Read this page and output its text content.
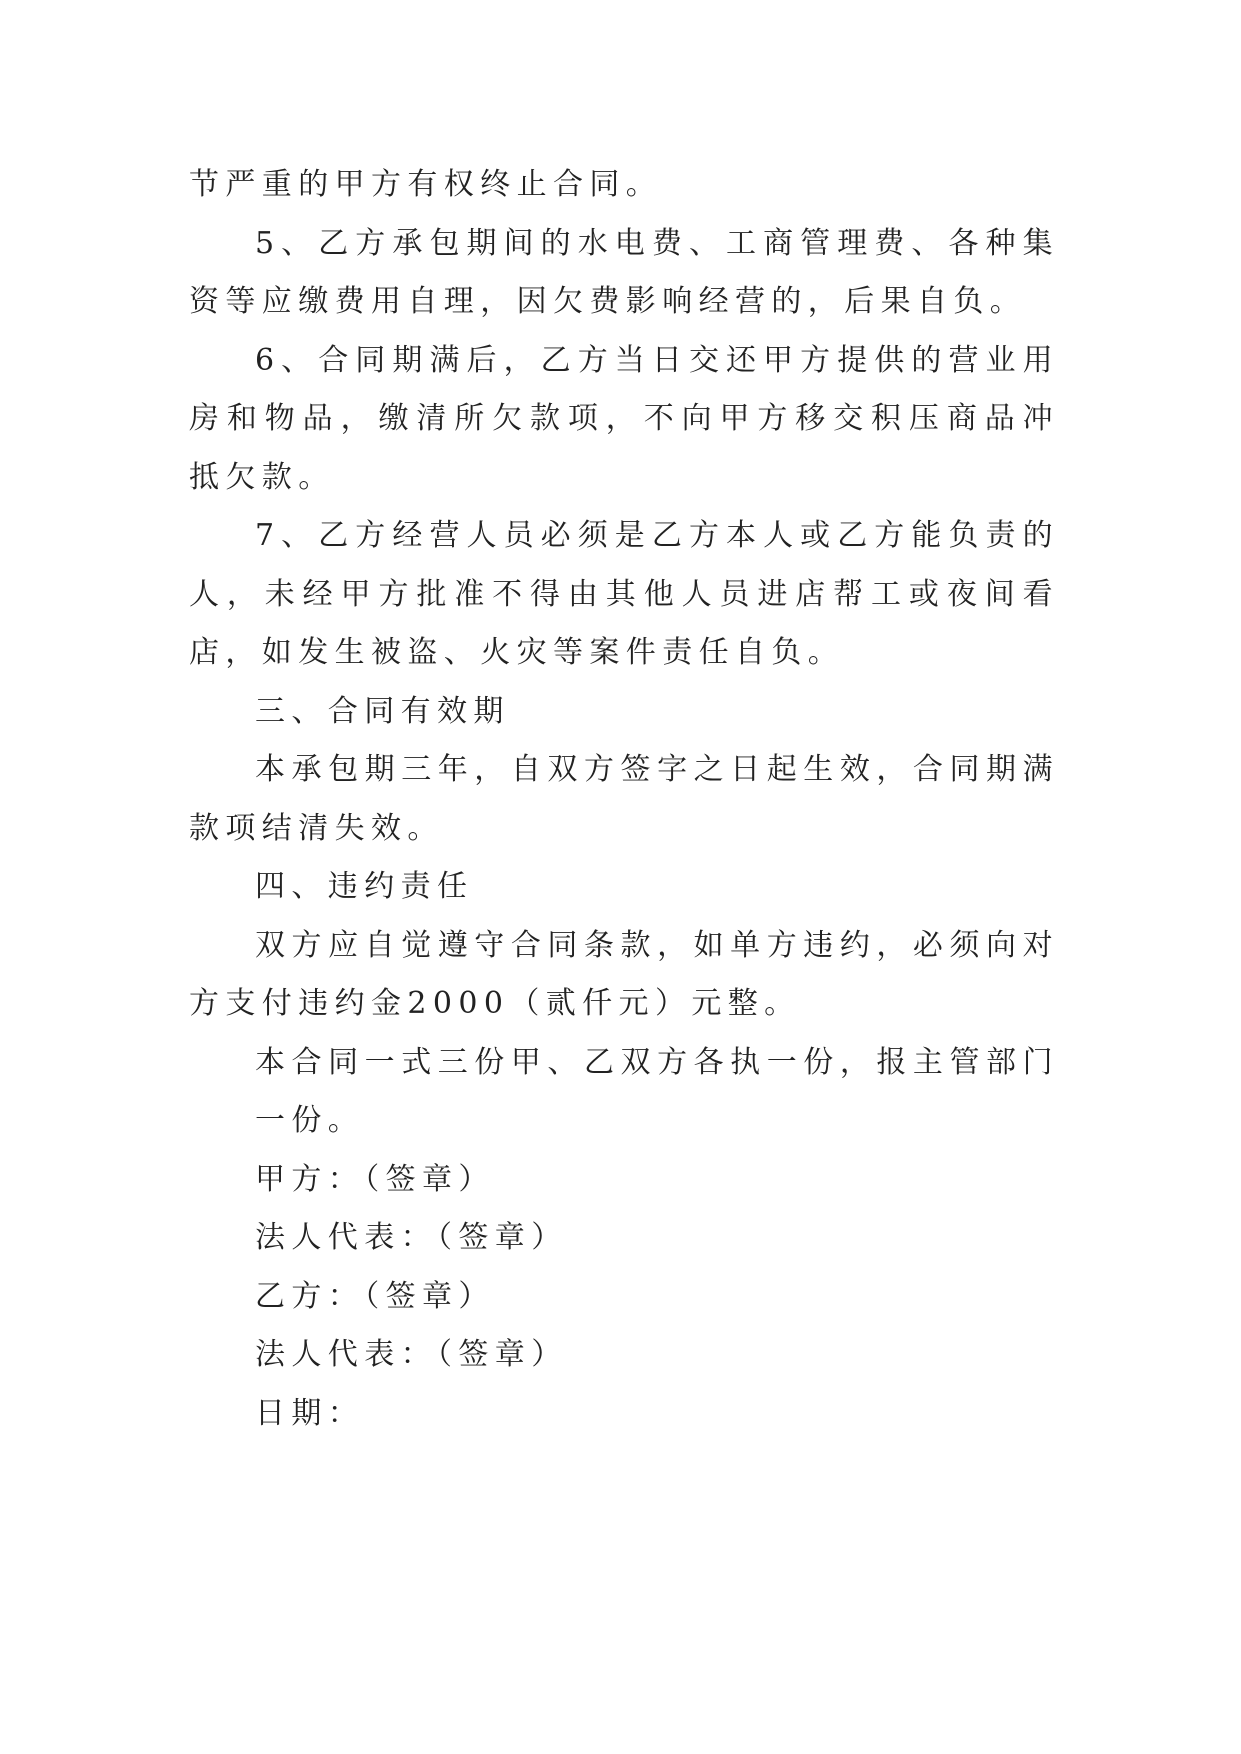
节严重的甲方有权终止合同。

5、乙方承包期间的水电费、工商管理费、各种集资等应缴费用自理，因欠费影响经营的，后果自负。

6、合同期满后，乙方当日交还甲方提供的营业用房和物品，缴清所欠款项，不向甲方移交积压商品冲抵欠款。

7、乙方经营人员必须是乙方本人或乙方能负责的人，未经甲方批准不得由其他人员进店帮工或夜间看店，如发生被盗、火灾等案件责任自负。

三、合同有效期

本承包期三年，自双方签字之日起生效，合同期满款项结清失效。

四、违约责任

双方应自觉遵守合同条款，如单方违约，必须向对方支付违约金2000（贰仟元）元整。

本合同一式三份甲、乙双方各执一份，报主管部门一份。

甲方：（签章）

法人代表：（签章）

乙方：（签章）

法人代表：（签章）

日期：
